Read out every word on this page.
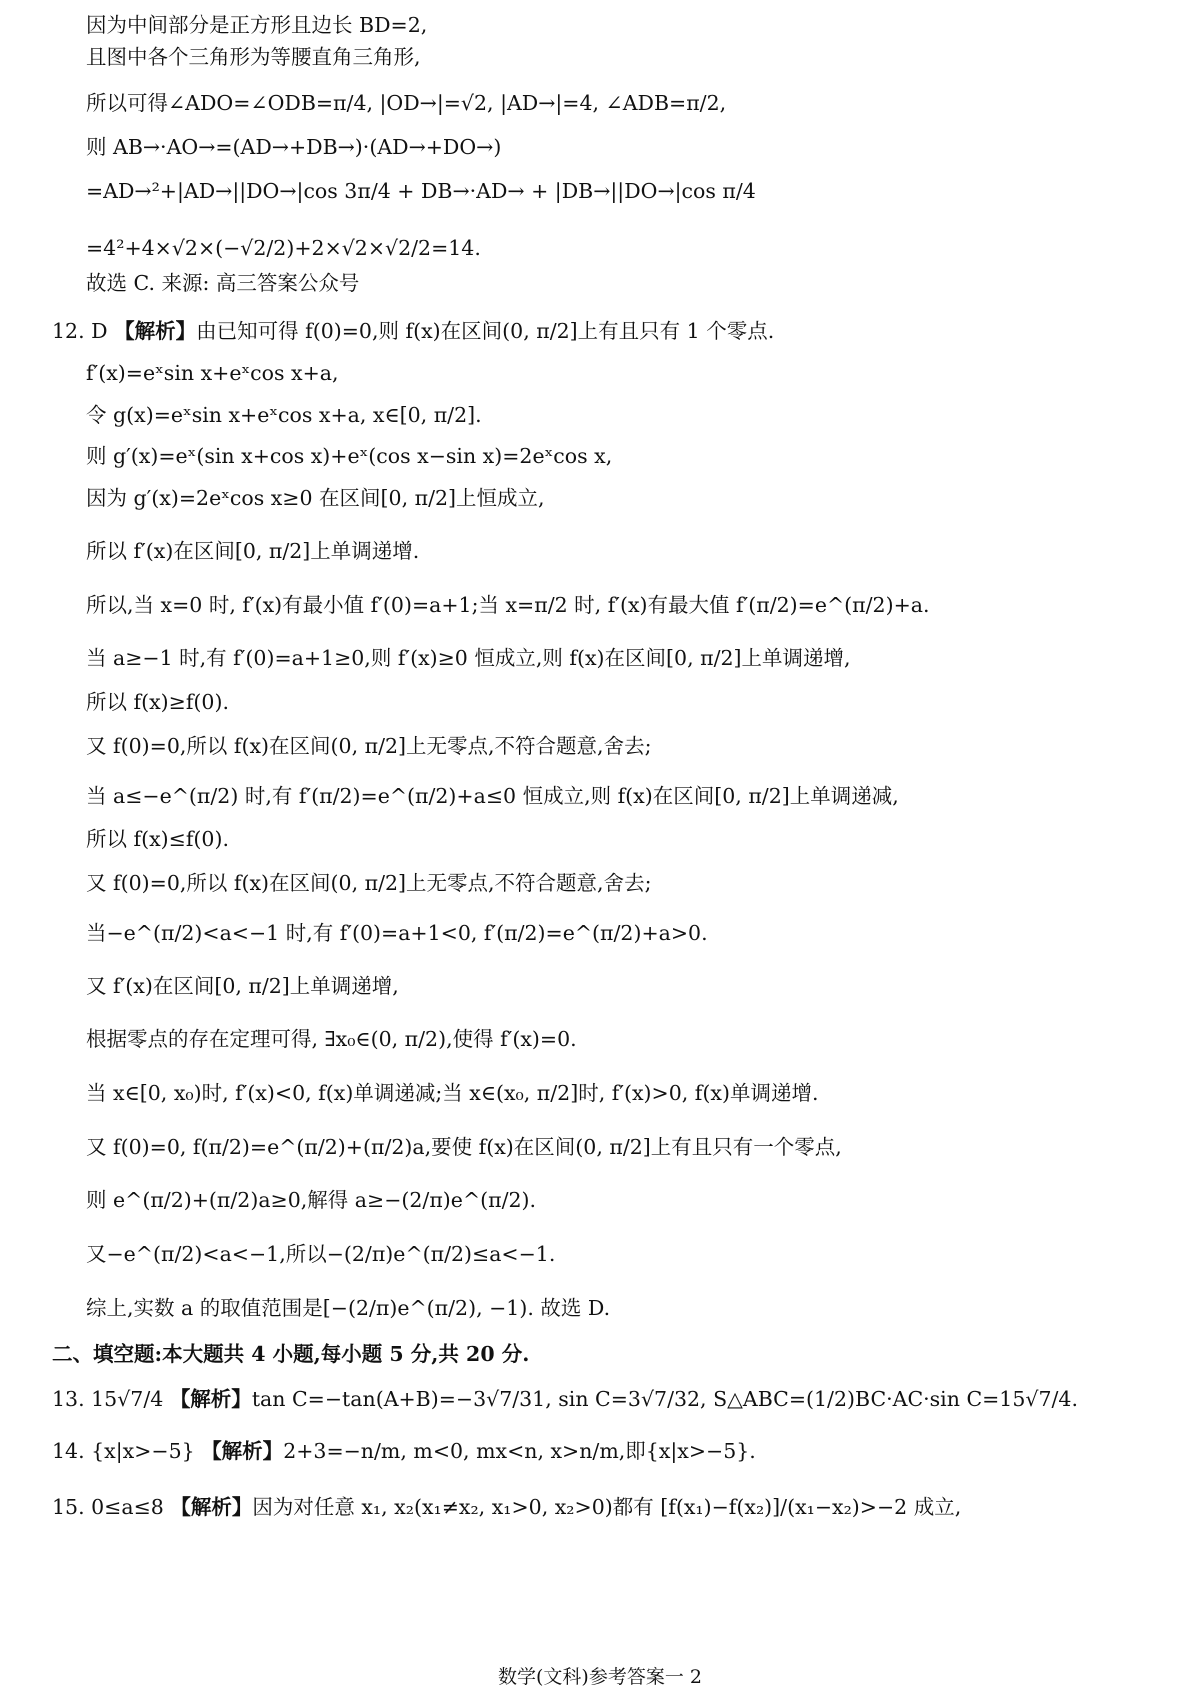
因为中间部分是正方形且边长 BD=2,
且图中各个三角形为等腰直角三角形,
所以可得∠ADO=∠ODB=π/4, |OD→|=√2, |AD→|=4, ∠ADB=π/2,
则 AB→·AO→=(AD→+DB→)·(AD→+DO→)
=AD→²+|AD→||DO→|cos 3π/4 + DB→·AD→ + |DB→||DO→|cos π/4
=4²+4×√2×(−√2/2)+2×√2×√2/2=14.
故选 C. 来源: 高三答案公众号
12. D 【解析】由已知可得 f(0)=0,则 f(x)在区间(0, π/2]上有且只有 1 个零点.
f′(x)=eˣsin x+eˣcos x+a,
令 g(x)=eˣsin x+eˣcos x+a, x∈[0, π/2].
则 g′(x)=eˣ(sin x+cos x)+eˣ(cos x−sin x)=2eˣcos x,
因为 g′(x)=2eˣcos x≥0 在区间[0, π/2]上恒成立,
所以 f′(x)在区间[0, π/2]上单调递增.
所以,当 x=0 时, f′(x)有最小值 f′(0)=a+1;当 x=π/2 时, f′(x)有最大值 f′(π/2)=e^(π/2)+a.
当 a≥−1 时,有 f′(0)=a+1≥0,则 f′(x)≥0 恒成立,则 f(x)在区间[0, π/2]上单调递增,
所以 f(x)≥f(0).
又 f(0)=0,所以 f(x)在区间(0, π/2]上无零点,不符合题意,舍去;
当 a≤−e^(π/2) 时,有 f′(π/2)=e^(π/2)+a≤0 恒成立,则 f(x)在区间[0, π/2]上单调递减,
所以 f(x)≤f(0).
又 f(0)=0,所以 f(x)在区间(0, π/2]上无零点,不符合题意,舍去;
当−e^(π/2)<a<−1 时,有 f′(0)=a+1<0, f′(π/2)=e^(π/2)+a>0.
又 f′(x)在区间[0, π/2]上单调递增,
根据零点的存在定理可得, ∃x₀∈(0, π/2),使得 f′(x)=0.
当 x∈[0, x₀)时, f′(x)<0, f(x)单调递减;当 x∈(x₀, π/2]时, f′(x)>0, f(x)单调递增.
又 f(0)=0, f(π/2)=e^(π/2)+(π/2)a,要使 f(x)在区间(0, π/2]上有且只有一个零点,
则 e^(π/2)+(π/2)a≥0,解得 a≥−(2/π)e^(π/2).
又−e^(π/2)<a<−1,所以−(2/π)e^(π/2)≤a<−1.
综上,实数 a 的取值范围是[−(2/π)e^(π/2), −1). 故选 D.
二、填空题:本大题共 4 小题,每小题 5 分,共 20 分.
13. 15√7/4 【解析】tan C=−tan(A+B)=−3√7/31, sin C=3√7/32, S△ABC=(1/2)BC·AC·sin C=15√7/4.
14. {x|x>−5} 【解析】2+3=−n/m, m<0, mx<n, x>n/m,即{x|x>−5}.
15. 0≤a≤8 【解析】因为对任意 x₁, x₂(x₁≠x₂, x₁>0, x₂>0)都有 [f(x₁)−f(x₂)]/(x₁−x₂)>−2 成立,
数学(文科)参考答案一 2
